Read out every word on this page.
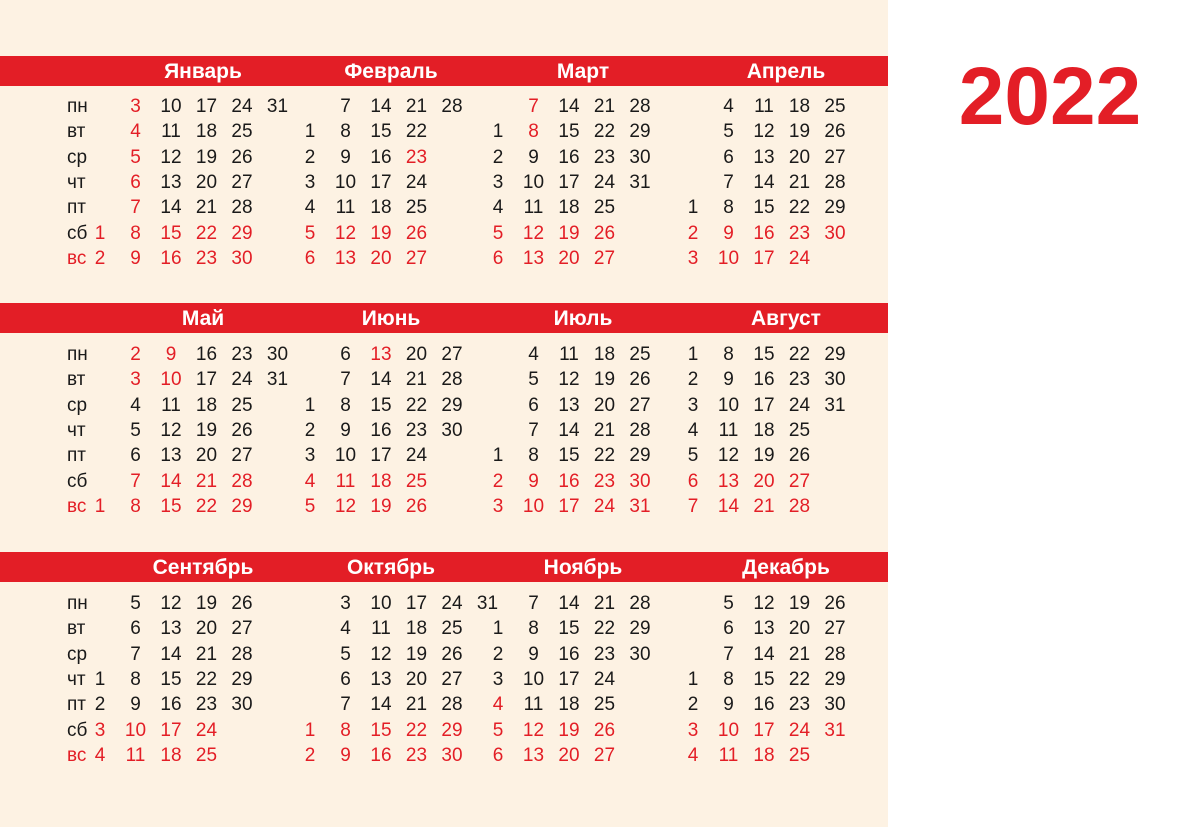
пн
вт
ср
чт
пт
сб
вс
Январь
1
2
3
4
5
6
7
8
9
10
11
12
13
14
15
16
17
18
19
20
21
22
23
24
25
26
27
28
29
30
31
Февраль
1
2
3
4
5
6
7
8
9
10
11
12
13
14
15
16
17
18
19
20
21
22
23
24
25
26
27
28
Март
1
2
3
4
5
6
7
8
9
10
11
12
13
14
15
16
17
18
19
20
21
22
23
24
25
26
27
28
29
30
31
Апрель
1
2
3
4
5
6
7
8
9
10
11
12
13
14
15
16
17
18
19
20
21
22
23
24
25
26
27
28
29
30
пн
вт
ср
чт
пт
сб
вс
Май
1
2
3
4
5
6
7
8
9
10
11
12
13
14
15
16
17
18
19
20
21
22
23
24
25
26
27
28
29
30
31
Июнь
1
2
3
4
5
6
7
8
9
10
11
12
13
14
15
16
17
18
19
20
21
22
23
24
25
26
27
28
29
30
Июль
1
2
3
4
5
6
7
8
9
10
11
12
13
14
15
16
17
18
19
20
21
22
23
24
25
26
27
28
29
30
31
Август
1
2
3
4
5
6
7
8
9
10
11
12
13
14
15
16
17
18
19
20
21
22
23
24
25
26
27
28
29
30
31
пн
вт
ср
чт
пт
сб
вс
Сентябрь
1
2
3
4
5
6
7
8
9
10
11
12
13
14
15
16
17
18
19
20
21
22
23
24
25
26
27
28
29
30
Октябрь
1
2
3
4
5
6
7
8
9
10
11
12
13
14
15
16
17
18
19
20
21
22
23
24
25
26
27
28
29
30
31
Ноябрь
1
2
3
4
5
6
7
8
9
10
11
12
13
14
15
16
17
18
19
20
21
22
23
24
25
26
27
28
29
30
Декабрь
1
2
3
4
5
6
7
8
9
10
11
12
13
14
15
16
17
18
19
20
21
22
23
24
25
26
27
28
29
30
31
2022
